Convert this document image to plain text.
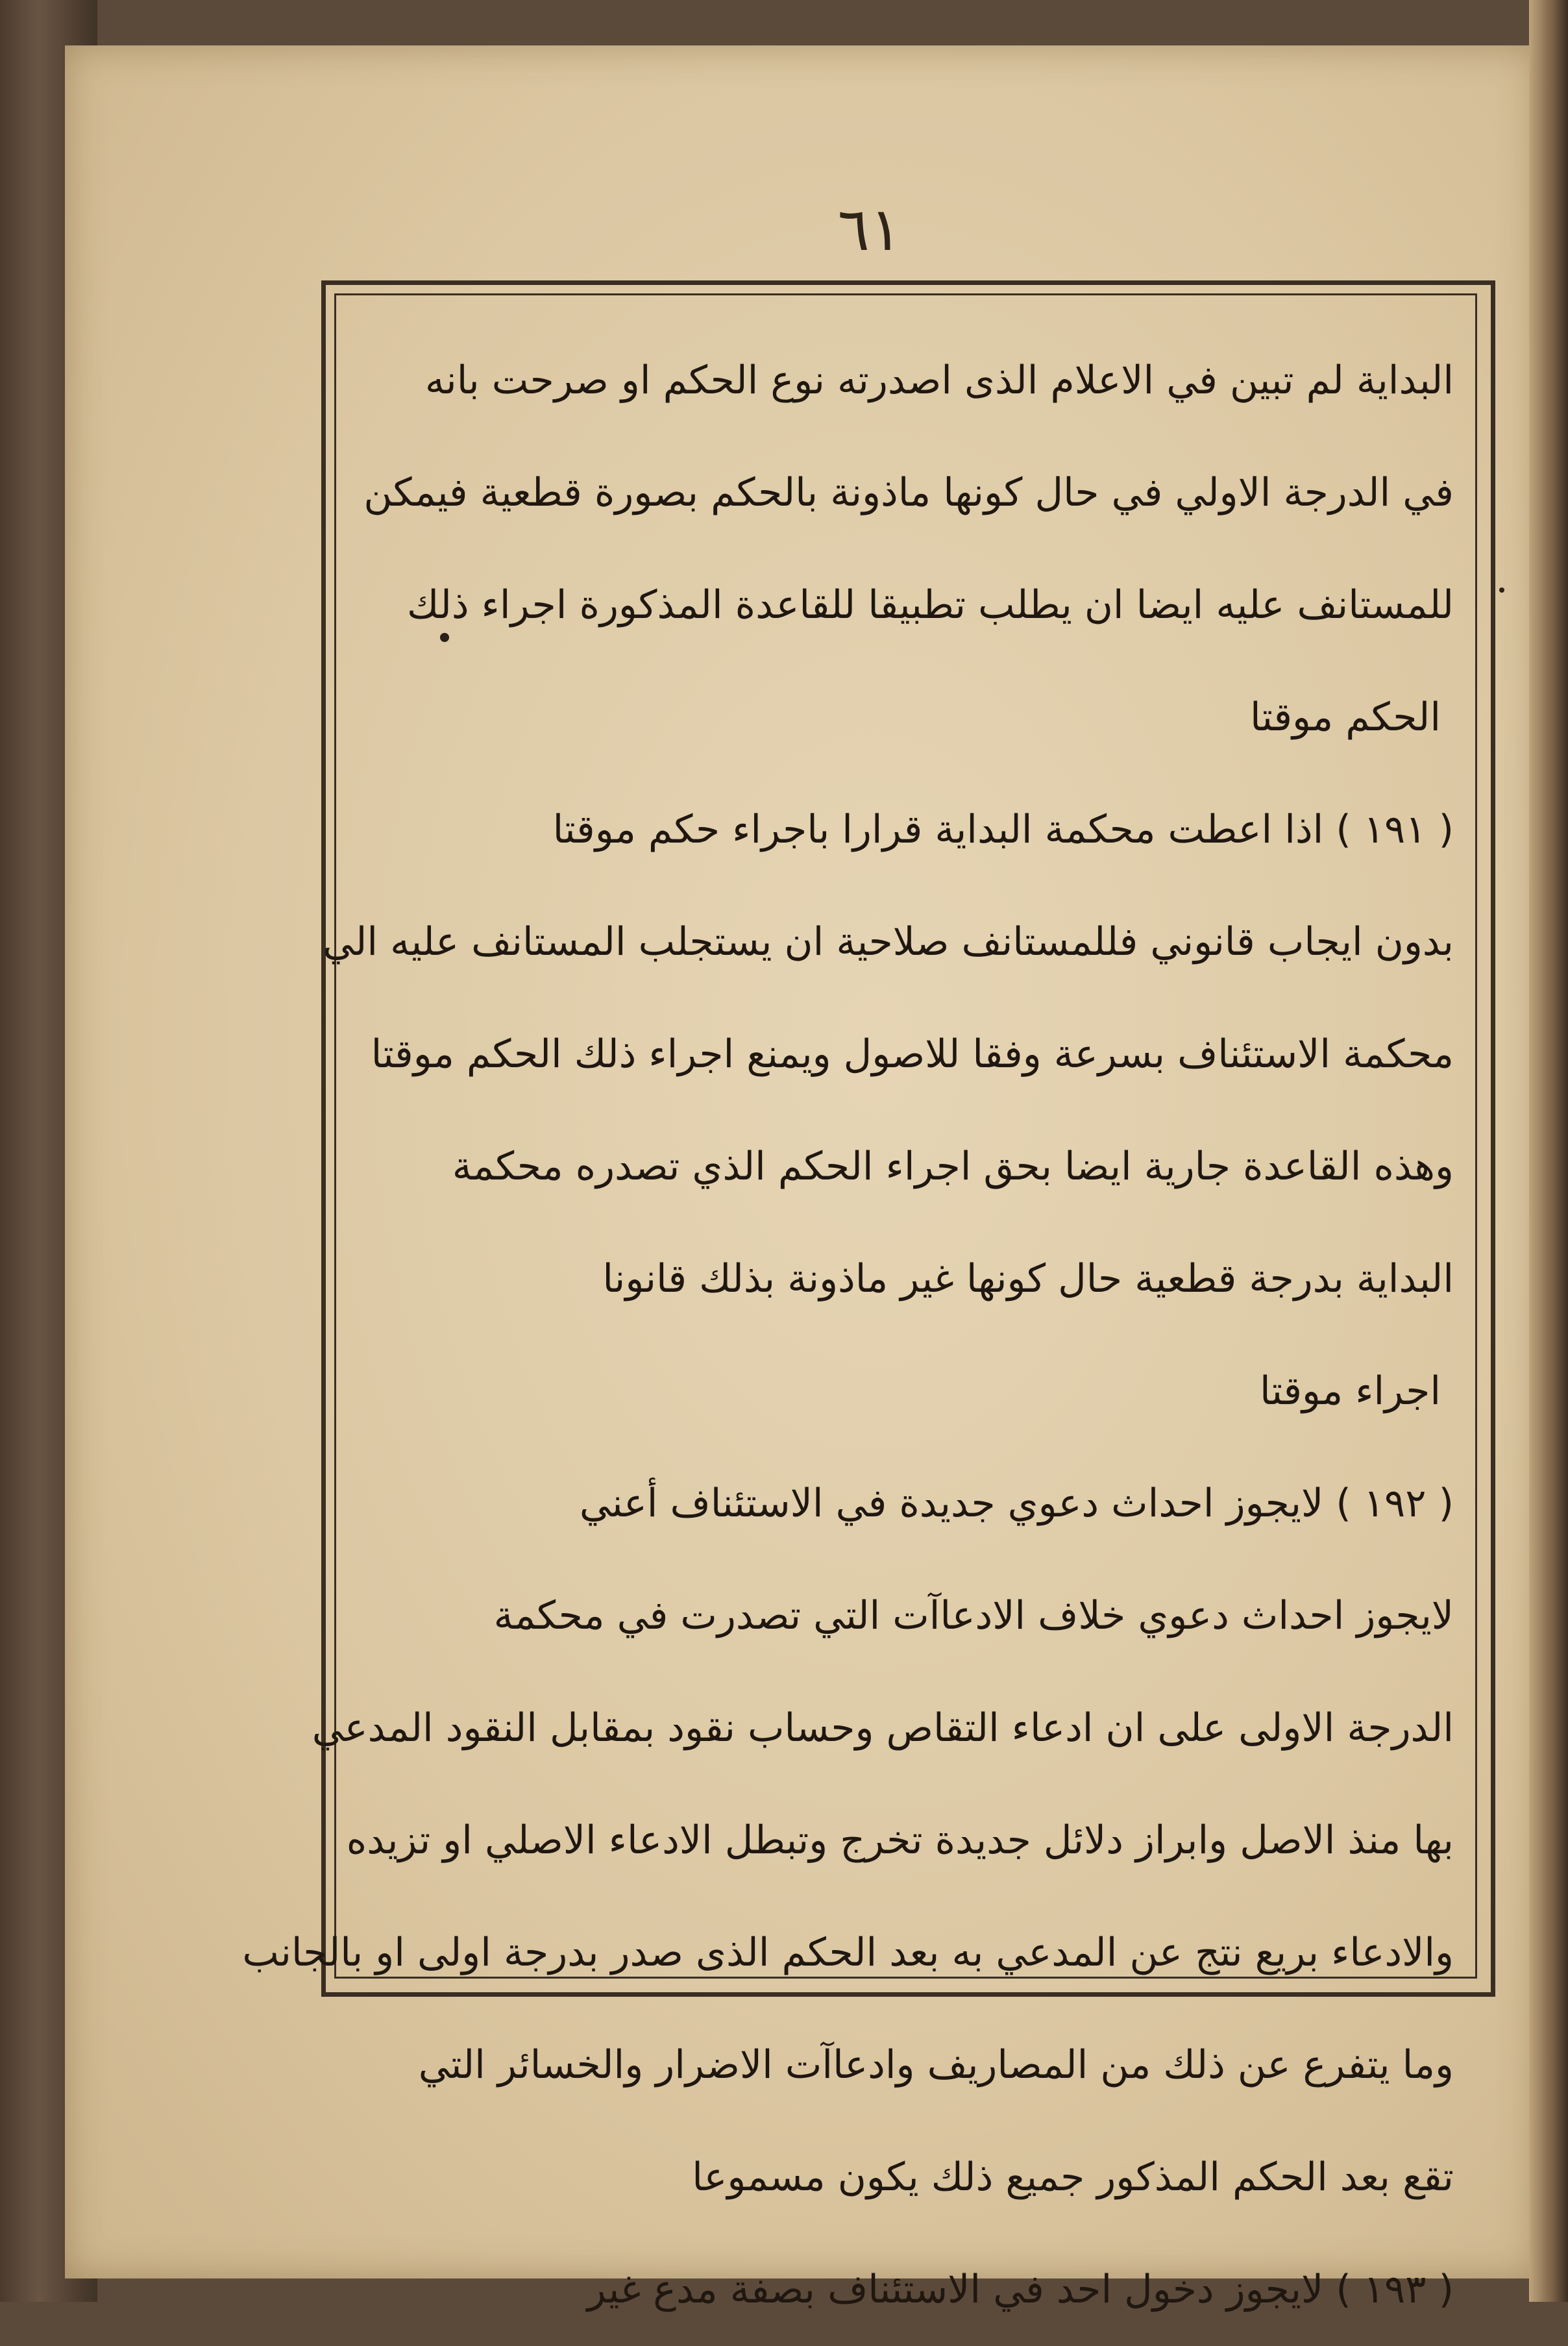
٦١
البداية لم تبين في الاعلام الذى اصدرته نوع الحكم او صرحت بانه
في الدرجة الاولي في حال كونها ماذونة بالحكم بصورة قطعية فيمكن
للمستانف عليه ايضا ان يطلب تطبيقا للقاعدة المذكورة اجراء ذلك
الحكم موقتا
( ١٩١ ) اذا اعطت محكمة البداية قرارا باجراء حكم موقتا
بدون ايجاب قانوني فللمستانف صلاحية ان يستجلب المستانف عليه الي
محكمة الاستئناف بسرعة وفقا للاصول ويمنع اجراء ذلك الحكم موقتا
وهذه القاعدة جارية ايضا بحق اجراء الحكم الذي تصدره محكمة
البداية بدرجة قطعية حال كونها غير ماذونة بذلك قانونا
اجراء موقتا
( ١٩٢ ) لايجوز احداث دعوي جديدة في الاستئناف أعني
لايجوز احداث دعوي خلاف الادعاآت التي تصدرت في محكمة
الدرجة الاولى على ان ادعاء التقاص وحساب نقود بمقابل النقود المدعي
بها منذ الاصل وابراز دلائل جديدة تخرج وتبطل الادعاء الاصلي او تزيده
والادعاء بريع نتج عن المدعي به بعد الحكم الذى صدر بدرجة اولى او بالجانب
وما يتفرع عن ذلك من المصاريف وادعاآت الاضرار والخسائر التي
تقع بعد الحكم المذكور جميع ذلك يكون مسموعا
( ١٩٣ ) لايجوز دخول احد في الاستئناف بصفة مدع غير
